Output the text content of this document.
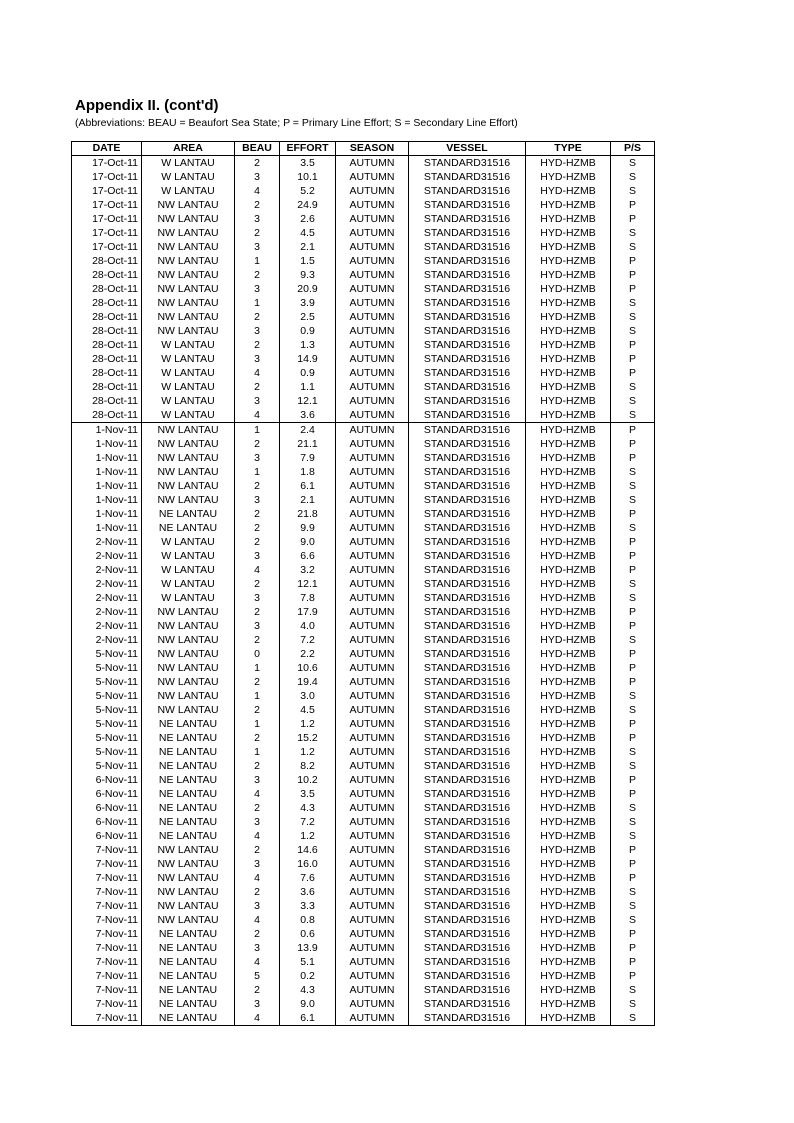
Appendix II. (cont'd)

(Abbreviations: BEAU = Beaufort Sea State; P = Primary Line Effort; S = Secondary Line Effort)

DATE	AREA	BEAU	EFFORT	SEASON	VESSEL	TYPE	P/S
17-Oct-11	W LANTAU	2	3.5	AUTUMN	STANDARD31516	HYD-HZMB	S
17-Oct-11	W LANTAU	3	10.1	AUTUMN	STANDARD31516	HYD-HZMB	S
17-Oct-11	W LANTAU	4	5.2	AUTUMN	STANDARD31516	HYD-HZMB	S
17-Oct-11	NW LANTAU	2	24.9	AUTUMN	STANDARD31516	HYD-HZMB	P
17-Oct-11	NW LANTAU	3	2.6	AUTUMN	STANDARD31516	HYD-HZMB	P
17-Oct-11	NW LANTAU	2	4.5	AUTUMN	STANDARD31516	HYD-HZMB	S
17-Oct-11	NW LANTAU	3	2.1	AUTUMN	STANDARD31516	HYD-HZMB	S
28-Oct-11	NW LANTAU	1	1.5	AUTUMN	STANDARD31516	HYD-HZMB	P
28-Oct-11	NW LANTAU	2	9.3	AUTUMN	STANDARD31516	HYD-HZMB	P
28-Oct-11	NW LANTAU	3	20.9	AUTUMN	STANDARD31516	HYD-HZMB	P
28-Oct-11	NW LANTAU	1	3.9	AUTUMN	STANDARD31516	HYD-HZMB	S
28-Oct-11	NW LANTAU	2	2.5	AUTUMN	STANDARD31516	HYD-HZMB	S
28-Oct-11	NW LANTAU	3	0.9	AUTUMN	STANDARD31516	HYD-HZMB	S
28-Oct-11	W LANTAU	2	1.3	AUTUMN	STANDARD31516	HYD-HZMB	P
28-Oct-11	W LANTAU	3	14.9	AUTUMN	STANDARD31516	HYD-HZMB	P
28-Oct-11	W LANTAU	4	0.9	AUTUMN	STANDARD31516	HYD-HZMB	P
28-Oct-11	W LANTAU	2	1.1	AUTUMN	STANDARD31516	HYD-HZMB	S
28-Oct-11	W LANTAU	3	12.1	AUTUMN	STANDARD31516	HYD-HZMB	S
28-Oct-11	W LANTAU	4	3.6	AUTUMN	STANDARD31516	HYD-HZMB	S
1-Nov-11	NW LANTAU	1	2.4	AUTUMN	STANDARD31516	HYD-HZMB	P
1-Nov-11	NW LANTAU	2	21.1	AUTUMN	STANDARD31516	HYD-HZMB	P
1-Nov-11	NW LANTAU	3	7.9	AUTUMN	STANDARD31516	HYD-HZMB	P
1-Nov-11	NW LANTAU	1	1.8	AUTUMN	STANDARD31516	HYD-HZMB	S
1-Nov-11	NW LANTAU	2	6.1	AUTUMN	STANDARD31516	HYD-HZMB	S
1-Nov-11	NW LANTAU	3	2.1	AUTUMN	STANDARD31516	HYD-HZMB	S
1-Nov-11	NE LANTAU	2	21.8	AUTUMN	STANDARD31516	HYD-HZMB	P
1-Nov-11	NE LANTAU	2	9.9	AUTUMN	STANDARD31516	HYD-HZMB	S
2-Nov-11	W LANTAU	2	9.0	AUTUMN	STANDARD31516	HYD-HZMB	P
2-Nov-11	W LANTAU	3	6.6	AUTUMN	STANDARD31516	HYD-HZMB	P
2-Nov-11	W LANTAU	4	3.2	AUTUMN	STANDARD31516	HYD-HZMB	P
2-Nov-11	W LANTAU	2	12.1	AUTUMN	STANDARD31516	HYD-HZMB	S
2-Nov-11	W LANTAU	3	7.8	AUTUMN	STANDARD31516	HYD-HZMB	S
2-Nov-11	NW LANTAU	2	17.9	AUTUMN	STANDARD31516	HYD-HZMB	P
2-Nov-11	NW LANTAU	3	4.0	AUTUMN	STANDARD31516	HYD-HZMB	P
2-Nov-11	NW LANTAU	2	7.2	AUTUMN	STANDARD31516	HYD-HZMB	S
5-Nov-11	NW LANTAU	0	2.2	AUTUMN	STANDARD31516	HYD-HZMB	P
5-Nov-11	NW LANTAU	1	10.6	AUTUMN	STANDARD31516	HYD-HZMB	P
5-Nov-11	NW LANTAU	2	19.4	AUTUMN	STANDARD31516	HYD-HZMB	P
5-Nov-11	NW LANTAU	1	3.0	AUTUMN	STANDARD31516	HYD-HZMB	S
5-Nov-11	NW LANTAU	2	4.5	AUTUMN	STANDARD31516	HYD-HZMB	S
5-Nov-11	NE LANTAU	1	1.2	AUTUMN	STANDARD31516	HYD-HZMB	P
5-Nov-11	NE LANTAU	2	15.2	AUTUMN	STANDARD31516	HYD-HZMB	P
5-Nov-11	NE LANTAU	1	1.2	AUTUMN	STANDARD31516	HYD-HZMB	S
5-Nov-11	NE LANTAU	2	8.2	AUTUMN	STANDARD31516	HYD-HZMB	S
6-Nov-11	NE LANTAU	3	10.2	AUTUMN	STANDARD31516	HYD-HZMB	P
6-Nov-11	NE LANTAU	4	3.5	AUTUMN	STANDARD31516	HYD-HZMB	P
6-Nov-11	NE LANTAU	2	4.3	AUTUMN	STANDARD31516	HYD-HZMB	S
6-Nov-11	NE LANTAU	3	7.2	AUTUMN	STANDARD31516	HYD-HZMB	S
6-Nov-11	NE LANTAU	4	1.2	AUTUMN	STANDARD31516	HYD-HZMB	S
7-Nov-11	NW LANTAU	2	14.6	AUTUMN	STANDARD31516	HYD-HZMB	P
7-Nov-11	NW LANTAU	3	16.0	AUTUMN	STANDARD31516	HYD-HZMB	P
7-Nov-11	NW LANTAU	4	7.6	AUTUMN	STANDARD31516	HYD-HZMB	P
7-Nov-11	NW LANTAU	2	3.6	AUTUMN	STANDARD31516	HYD-HZMB	S
7-Nov-11	NW LANTAU	3	3.3	AUTUMN	STANDARD31516	HYD-HZMB	S
7-Nov-11	NW LANTAU	4	0.8	AUTUMN	STANDARD31516	HYD-HZMB	S
7-Nov-11	NE LANTAU	2	0.6	AUTUMN	STANDARD31516	HYD-HZMB	P
7-Nov-11	NE LANTAU	3	13.9	AUTUMN	STANDARD31516	HYD-HZMB	P
7-Nov-11	NE LANTAU	4	5.1	AUTUMN	STANDARD31516	HYD-HZMB	P
7-Nov-11	NE LANTAU	5	0.2	AUTUMN	STANDARD31516	HYD-HZMB	P
7-Nov-11	NE LANTAU	2	4.3	AUTUMN	STANDARD31516	HYD-HZMB	S
7-Nov-11	NE LANTAU	3	9.0	AUTUMN	STANDARD31516	HYD-HZMB	S
7-Nov-11	NE LANTAU	4	6.1	AUTUMN	STANDARD31516	HYD-HZMB	S
